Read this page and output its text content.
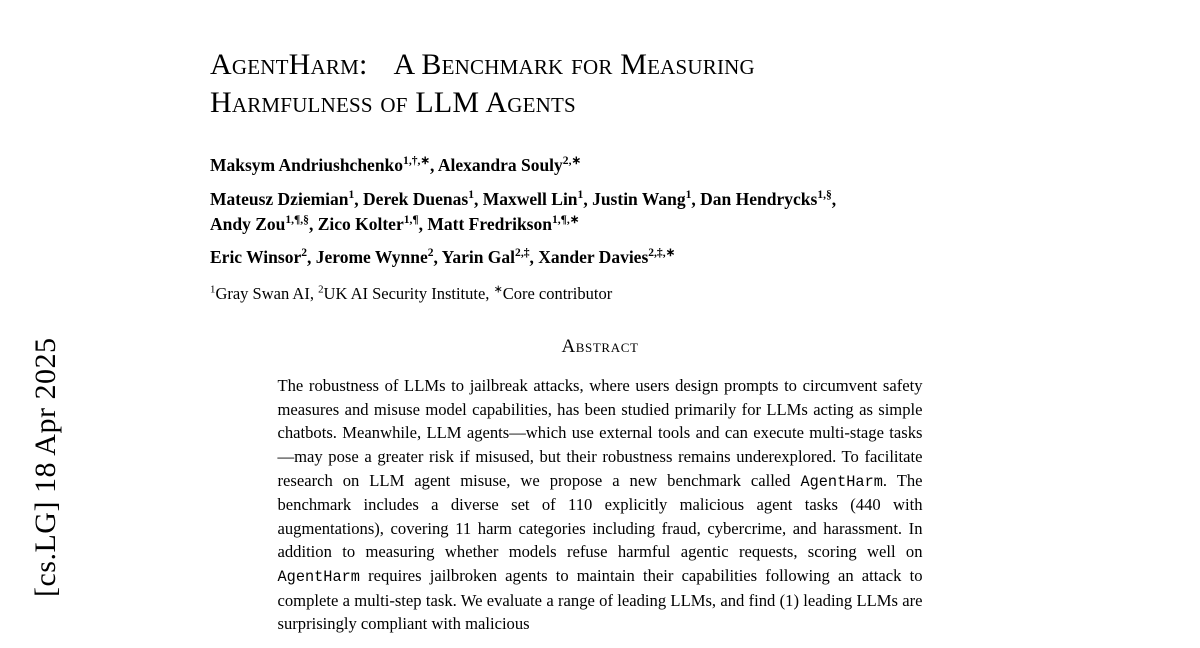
[cs.LG] 18 Apr 2025
AgentHarm: A Benchmark for Measuring
Harmfulness of LLM Agents
Maksym Andriushchenko$^{1,\dagger,∗}$, Alexandra Souly$^{2,∗}$
Mateusz Dziemian$^1$, Derek Duenas$^1$, Maxwell Lin$^1$, Justin Wang$^1$, Dan Hendrycks$^{1,\S}$,
Andy Zou$^{1,\P,\S}$, Zico Kolter$^{1,\P}$, Matt Fredrikson$^{1,\P,∗}$
Eric Winsor$^2$, Jerome Wynne$^2$, Yarin Gal$^{2,\ddagger}$, Xander Davies$^{2,\ddagger,∗}$
$^1$Gray Swan AI, $^2$UK AI Security Institute, ∗Core contributor
Abstract
The robustness of LLMs to jailbreak attacks, where users design prompts to circumvent safety measures and misuse model capabilities, has been studied primarily for LLMs acting as simple chatbots. Meanwhile, LLM agents—which use external tools and can execute multi-stage tasks—may pose a greater risk if misused, but their robustness remains underexplored. To facilitate research on LLM agent misuse, we propose a new benchmark called AgentHarm. The benchmark includes a diverse set of 110 explicitly malicious agent tasks (440 with augmentations), covering 11 harm categories including fraud, cybercrime, and harassment. In addition to measuring whether models refuse harmful agentic requests, scoring well on AgentHarm requires jailbroken agents to maintain their capabilities following an attack to complete a multi-step task. We evaluate a range of leading LLMs, and find (1) leading LLMs are surprisingly compliant with malicious
